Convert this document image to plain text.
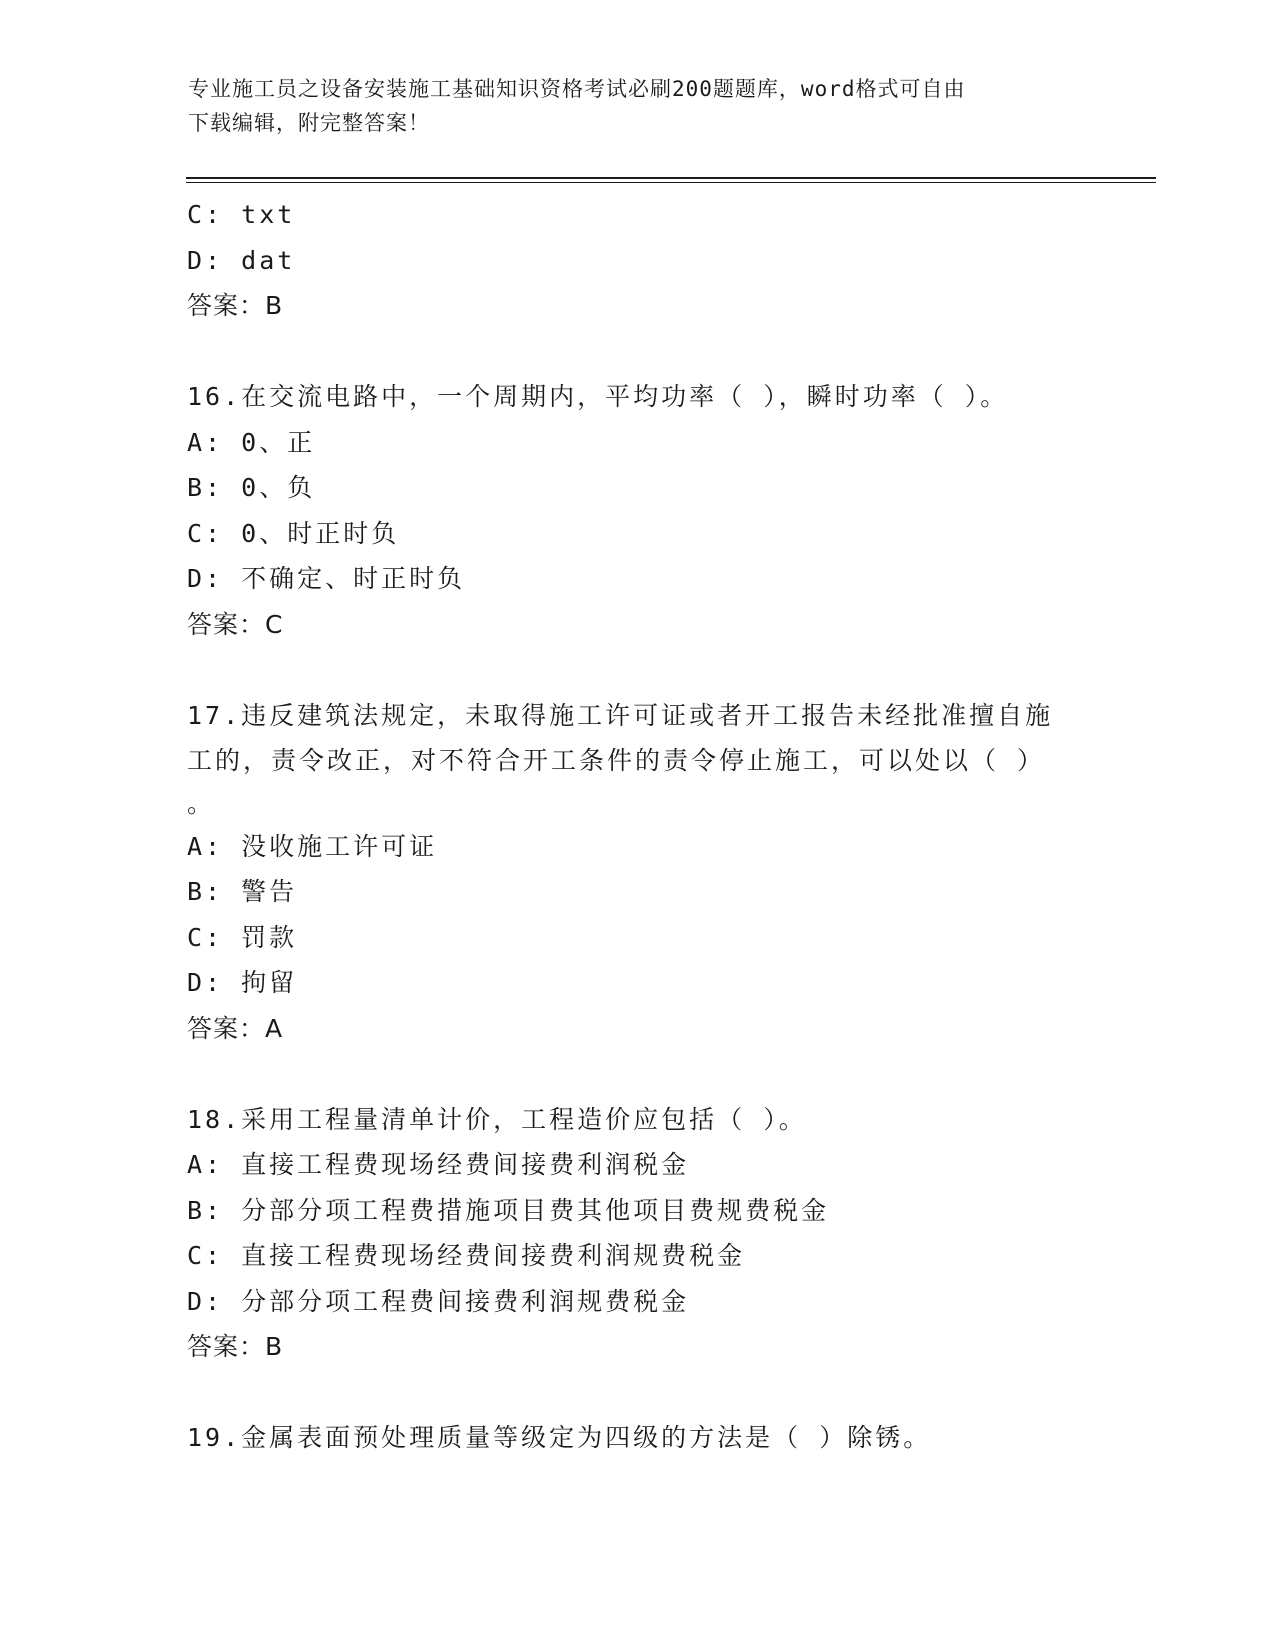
专业施工员之设备安装施工基础知识资格考试必刷200题题库，word格式可自由
下载编辑，附完整答案！
C: txt
D: dat
答案：B
16.在交流电路中，一个周期内，平均功率（ ），瞬时功率（ ）。
A: 0、正
B: 0、负
C: 0、时正时负
D: 不确定、时正时负
答案：C
17.违反建筑法规定，未取得施工许可证或者开工报告未经批准擅自施
工的，责令改正，对不符合开工条件的责令停止施工，可以处以（ ）
。
A: 没收施工许可证
B: 警告
C: 罚款
D: 拘留
答案：A
18.采用工程量清单计价，工程造价应包括（ ）。
A: 直接工程费现场经费间接费利润税金
B: 分部分项工程费措施项目费其他项目费规费税金
C: 直接工程费现场经费间接费利润规费税金
D: 分部分项工程费间接费利润规费税金
答案：B
19.金属表面预处理质量等级定为四级的方法是（ ）除锈。
